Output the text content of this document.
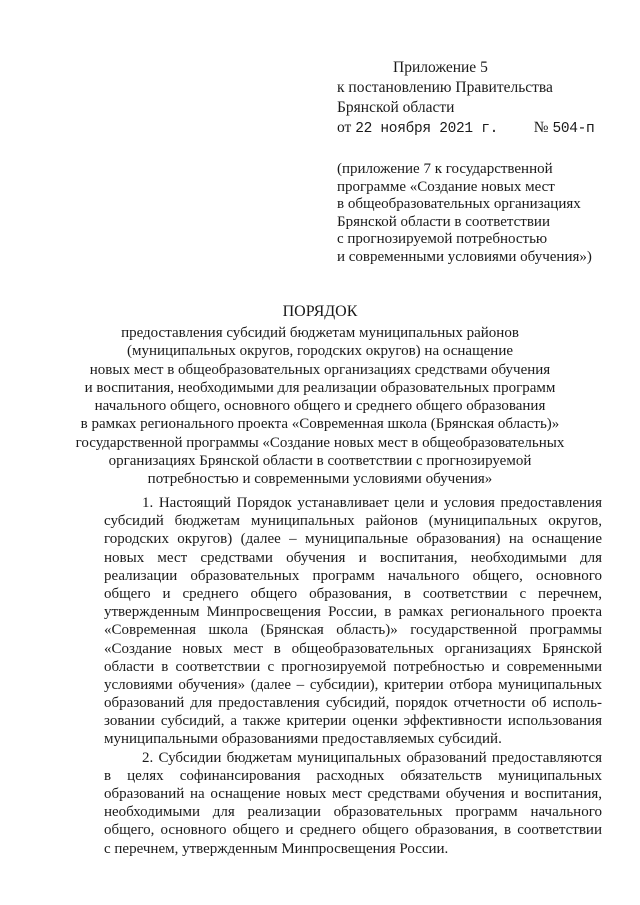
Приложение 5
к постановлению Правительства
Брянской области
от 22 ноября 2021 г. № 504-п
(приложение 7 к государственной
программе «Создание новых мест
в общеобразовательных организациях
Брянской области в соответствии
с прогнозируемой потребностью
и современными условиями обучения»)
ПОРЯДОК
предоставления субсидий бюджетам муниципальных районов
(муниципальных округов, городских округов) на оснащение
новых мест в общеобразовательных организациях средствами обучения
и воспитания, необходимыми для реализации образовательных программ
начального общего, основного общего и среднего общего образования
в рамках регионального проекта «Современная школа (Брянская область)»
государственной программы «Создание новых мест в общеобразовательных
организациях Брянской области в соответствии с прогнозируемой
потребностью и современными условиями обучения»
1. Настоящий Порядок устанавливает цели и условия предоставления
субсидий бюджетам муниципальных районов (муниципальных округов,
городских округов) (далее – муниципальные образования) на оснащение
новых мест средствами обучения и воспитания, необходимыми для
реализации образовательных программ начального общего, основного
общего и среднего общего образования, в соответствии с перечнем,
утвержденным Минпросвещения России, в рамках регионального проекта
«Современная школа (Брянская область)» государственной программы
«Создание новых мест в общеобразовательных организациях Брянской
области в соответствии с прогнозируемой потребностью и современными
условиями обучения» (далее – субсидии), критерии отбора муниципальных
образований для предоставления субсидий, порядок отчетности об исполь-
зовании субсидий, а также критерии оценки эффективности использования
муниципальными образованиями предоставляемых субсидий.
2. Субсидии бюджетам муниципальных образований предоставляются
в целях софинансирования расходных обязательств муниципальных
образований на оснащение новых мест средствами обучения и воспитания,
необходимыми для реализации образовательных программ начального
общего, основного общего и среднего общего образования, в соответствии
с перечнем, утвержденным Минпросвещения России.
